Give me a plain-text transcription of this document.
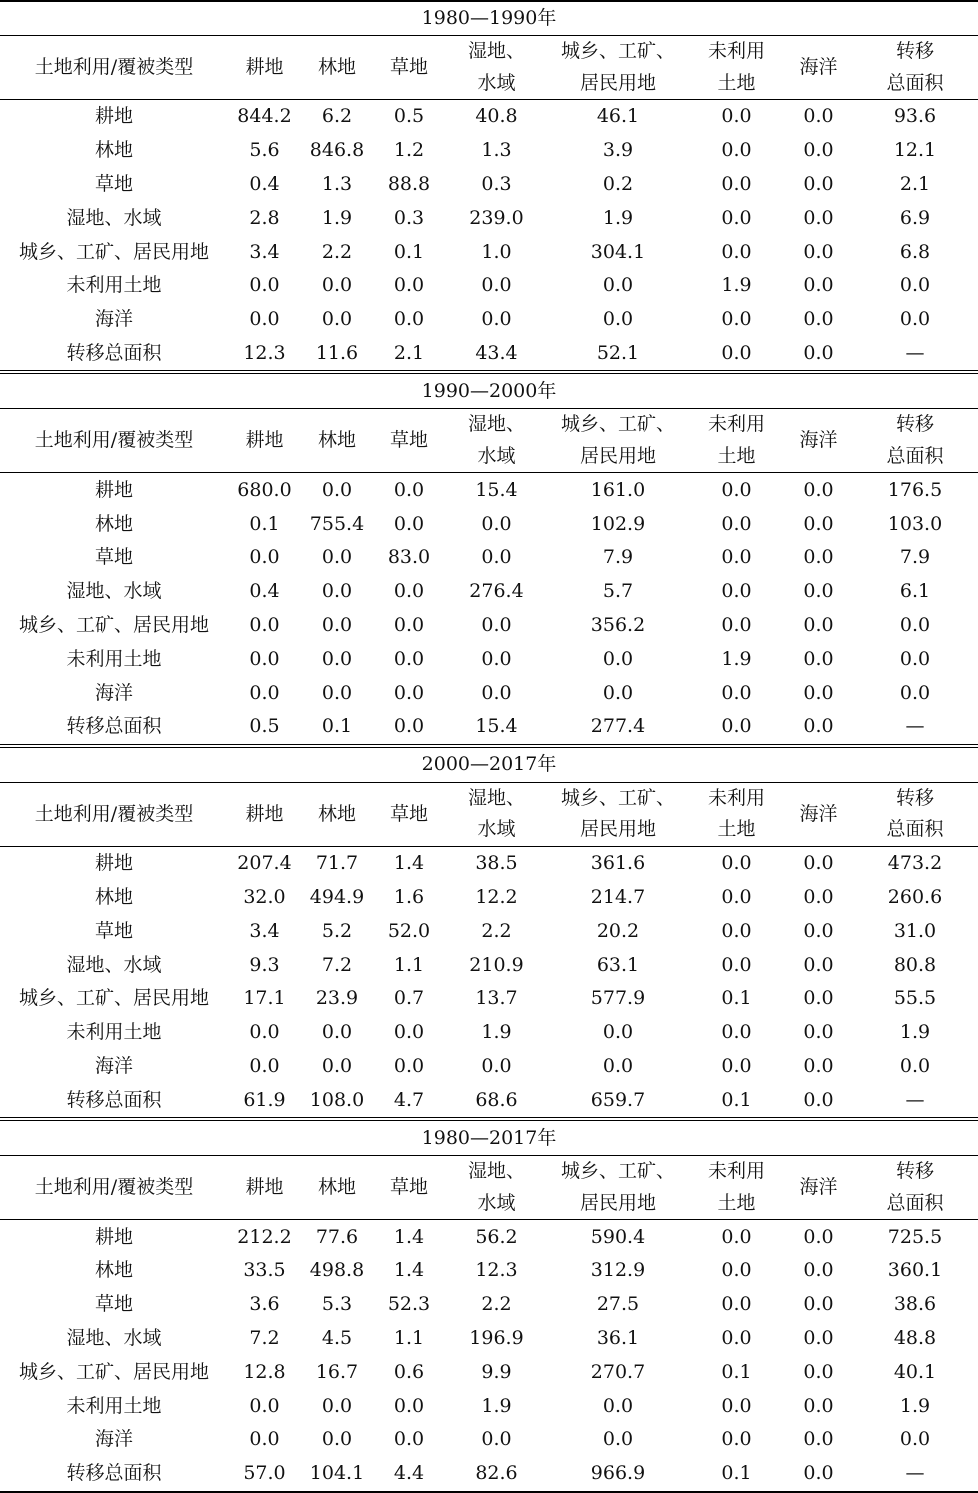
1980—1990年								
土地利用/覆被类型	耕地	林地	草地	湿地、	城乡、工矿、	未利用	海洋	转移
				水域	居民用地	土地		总面积
耕地	844.2	6.2	0.5	40.8	46.1	0.0	0.0	93.6
林地	5.6	846.8	1.2	1.3	3.9	0.0	0.0	12.1
草地	0.4	1.3	88.8	0.3	0.2	0.0	0.0	2.1
湿地、水域	2.8	1.9	0.3	239.0	1.9	0.0	0.0	6.9
城乡、工矿、居民用地	3.4	2.2	0.1	1.0	304.1	0.0	0.0	6.8
未利用土地	0.0	0.0	0.0	0.0	0.0	1.9	0.0	0.0
海洋	0.0	0.0	0.0	0.0	0.0	0.0	0.0	0.0
转移总面积	12.3	11.6	2.1	43.4	52.1	0.0	0.0	—
1990—2000年								
土地利用/覆被类型	耕地	林地	草地	湿地、	城乡、工矿、	未利用	海洋	转移
				水域	居民用地	土地		总面积
耕地	680.0	0.0	0.0	15.4	161.0	0.0	0.0	176.5
林地	0.1	755.4	0.0	0.0	102.9	0.0	0.0	103.0
草地	0.0	0.0	83.0	0.0	7.9	0.0	0.0	7.9
湿地、水域	0.4	0.0	0.0	276.4	5.7	0.0	0.0	6.1
城乡、工矿、居民用地	0.0	0.0	0.0	0.0	356.2	0.0	0.0	0.0
未利用土地	0.0	0.0	0.0	0.0	0.0	1.9	0.0	0.0
海洋	0.0	0.0	0.0	0.0	0.0	0.0	0.0	0.0
转移总面积	0.5	0.1	0.0	15.4	277.4	0.0	0.0	—
2000—2017年								
土地利用/覆被类型	耕地	林地	草地	湿地、	城乡、工矿、	未利用	海洋	转移
				水域	居民用地	土地		总面积
耕地	207.4	71.7	1.4	38.5	361.6	0.0	0.0	473.2
林地	32.0	494.9	1.6	12.2	214.7	0.0	0.0	260.6
草地	3.4	5.2	52.0	2.2	20.2	0.0	0.0	31.0
湿地、水域	9.3	7.2	1.1	210.9	63.1	0.0	0.0	80.8
城乡、工矿、居民用地	17.1	23.9	0.7	13.7	577.9	0.1	0.0	55.5
未利用土地	0.0	0.0	0.0	1.9	0.0	0.0	0.0	1.9
海洋	0.0	0.0	0.0	0.0	0.0	0.0	0.0	0.0
转移总面积	61.9	108.0	4.7	68.6	659.7	0.1	0.0	—
1980—2017年								
土地利用/覆被类型	耕地	林地	草地	湿地、	城乡、工矿、	未利用	海洋	转移
				水域	居民用地	土地		总面积
耕地	212.2	77.6	1.4	56.2	590.4	0.0	0.0	725.5
林地	33.5	498.8	1.4	12.3	312.9	0.0	0.0	360.1
草地	3.6	5.3	52.3	2.2	27.5	0.0	0.0	38.6
湿地、水域	7.2	4.5	1.1	196.9	36.1	0.0	0.0	48.8
城乡、工矿、居民用地	12.8	16.7	0.6	9.9	270.7	0.1	0.0	40.1
未利用土地	0.0	0.0	0.0	1.9	0.0	0.0	0.0	1.9
海洋	0.0	0.0	0.0	0.0	0.0	0.0	0.0	0.0
转移总面积	57.0	104.1	4.4	82.6	966.9	0.1	0.0	—
